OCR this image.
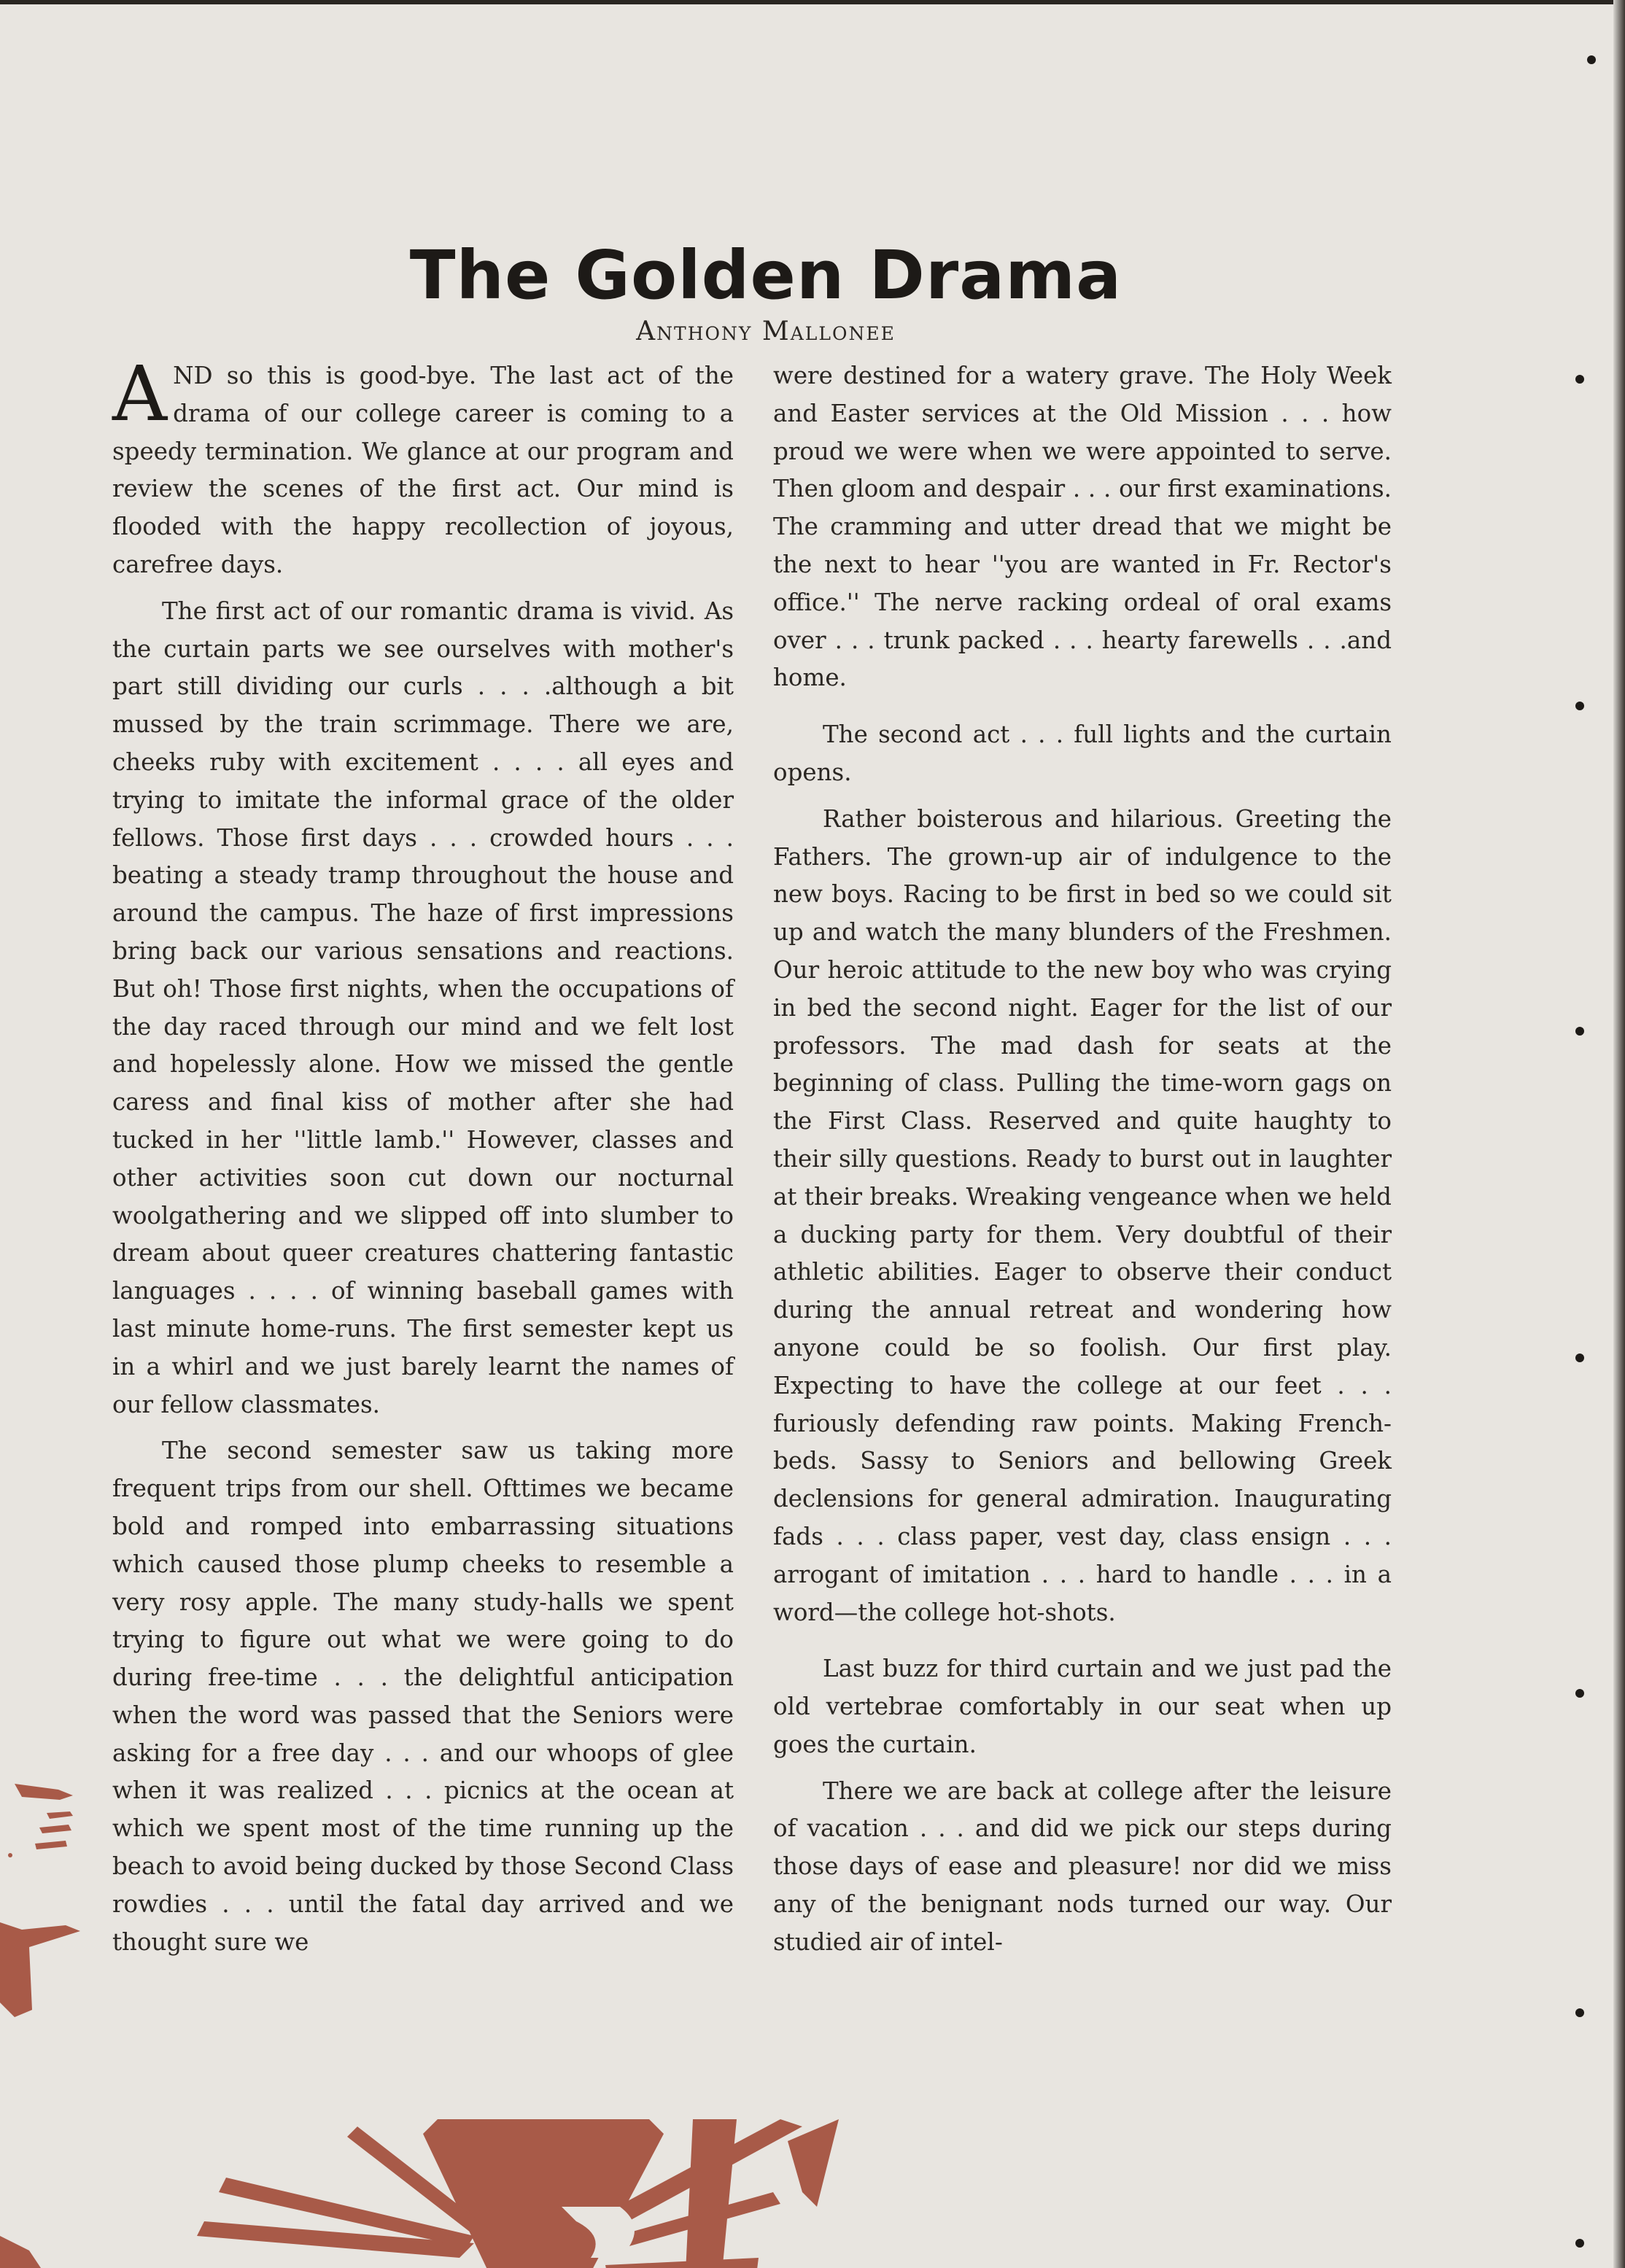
The Golden Drama
Anthony Mallonee

AND so this is good-bye. The last act of the drama of our college career is coming to a speedy termination. We glance at our program and review the scenes of the first act. Our mind is flooded with the happy recollection of joyous, carefree days.

The first act of our romantic drama is vivid. As the curtain parts we see ourselves with mother's part still dividing our curls . . . .although a bit mussed by the train scrimmage. There we are, cheeks ruby with excitement . . . . all eyes and trying to imitate the informal grace of the older fellows. Those first days . . . crowded hours . . . beating a steady tramp throughout the house and around the campus. The haze of first impressions bring back our various sensations and reactions. But oh! Those first nights, when the occupations of the day raced through our mind and we felt lost and hopelessly alone. How we missed the gentle caress and final kiss of mother after she had tucked in her ''little lamb.'' However, classes and other activities soon cut down our nocturnal woolgathering and we slipped off into slumber to dream about queer creatures chattering fantastic languages . . . . of winning baseball games with last minute home-runs. The first semester kept us in a whirl and we just barely learnt the names of our fellow classmates.

The second semester saw us taking more frequent trips from our shell. Ofttimes we became bold and romped into embarrassing situations which caused those plump cheeks to resemble a very rosy apple. The many study-halls we spent trying to figure out what we were going to do during free-time . . . the delightful anticipation when the word was passed that the Seniors were asking for a free day . . . and our whoops of glee when it was realized . . . picnics at the ocean at which we spent most of the time running up the beach to avoid being ducked by those Second Class rowdies . . . until the fatal day arrived and we thought sure we

were destined for a watery grave. The Holy Week and Easter services at the Old Mission . . . how proud we were when we were appointed to serve. Then gloom and despair . . . our first examinations. The cramming and utter dread that we might be the next to hear ''you are wanted in Fr. Rector's office.'' The nerve racking ordeal of oral exams over . . . trunk packed . . . hearty farewells . . .and home.

The second act . . . full lights and the curtain opens.

Rather boisterous and hilarious. Greeting the Fathers. The grown-up air of indulgence to the new boys. Racing to be first in bed so we could sit up and watch the many blunders of the Freshmen. Our heroic attitude to the new boy who was crying in bed the second night. Eager for the list of our professors. The mad dash for seats at the beginning of class. Pulling the time-worn gags on the First Class. Reserved and quite haughty to their silly questions. Ready to burst out in laughter at their breaks. Wreaking vengeance when we held a ducking party for them. Very doubtful of their athletic abilities. Eager to observe their conduct during the annual retreat and wondering how anyone could be so foolish. Our first play. Expecting to have the college at our feet . . . furiously defending raw points. Making French-beds. Sassy to Seniors and bellowing Greek declensions for general admiration. Inaugurating fads . . . class paper, vest day, class ensign . . . arrogant of imitation . . . hard to handle . . . in a word—the college hot-shots.

Last buzz for third curtain and we just pad the old vertebrae comfortably in our seat when up goes the curtain.

There we are back at college after the leisure of vacation . . . and did we pick our steps during those days of ease and pleasure! nor did we miss any of the benignant nods turned our way. Our studied air of intel-
